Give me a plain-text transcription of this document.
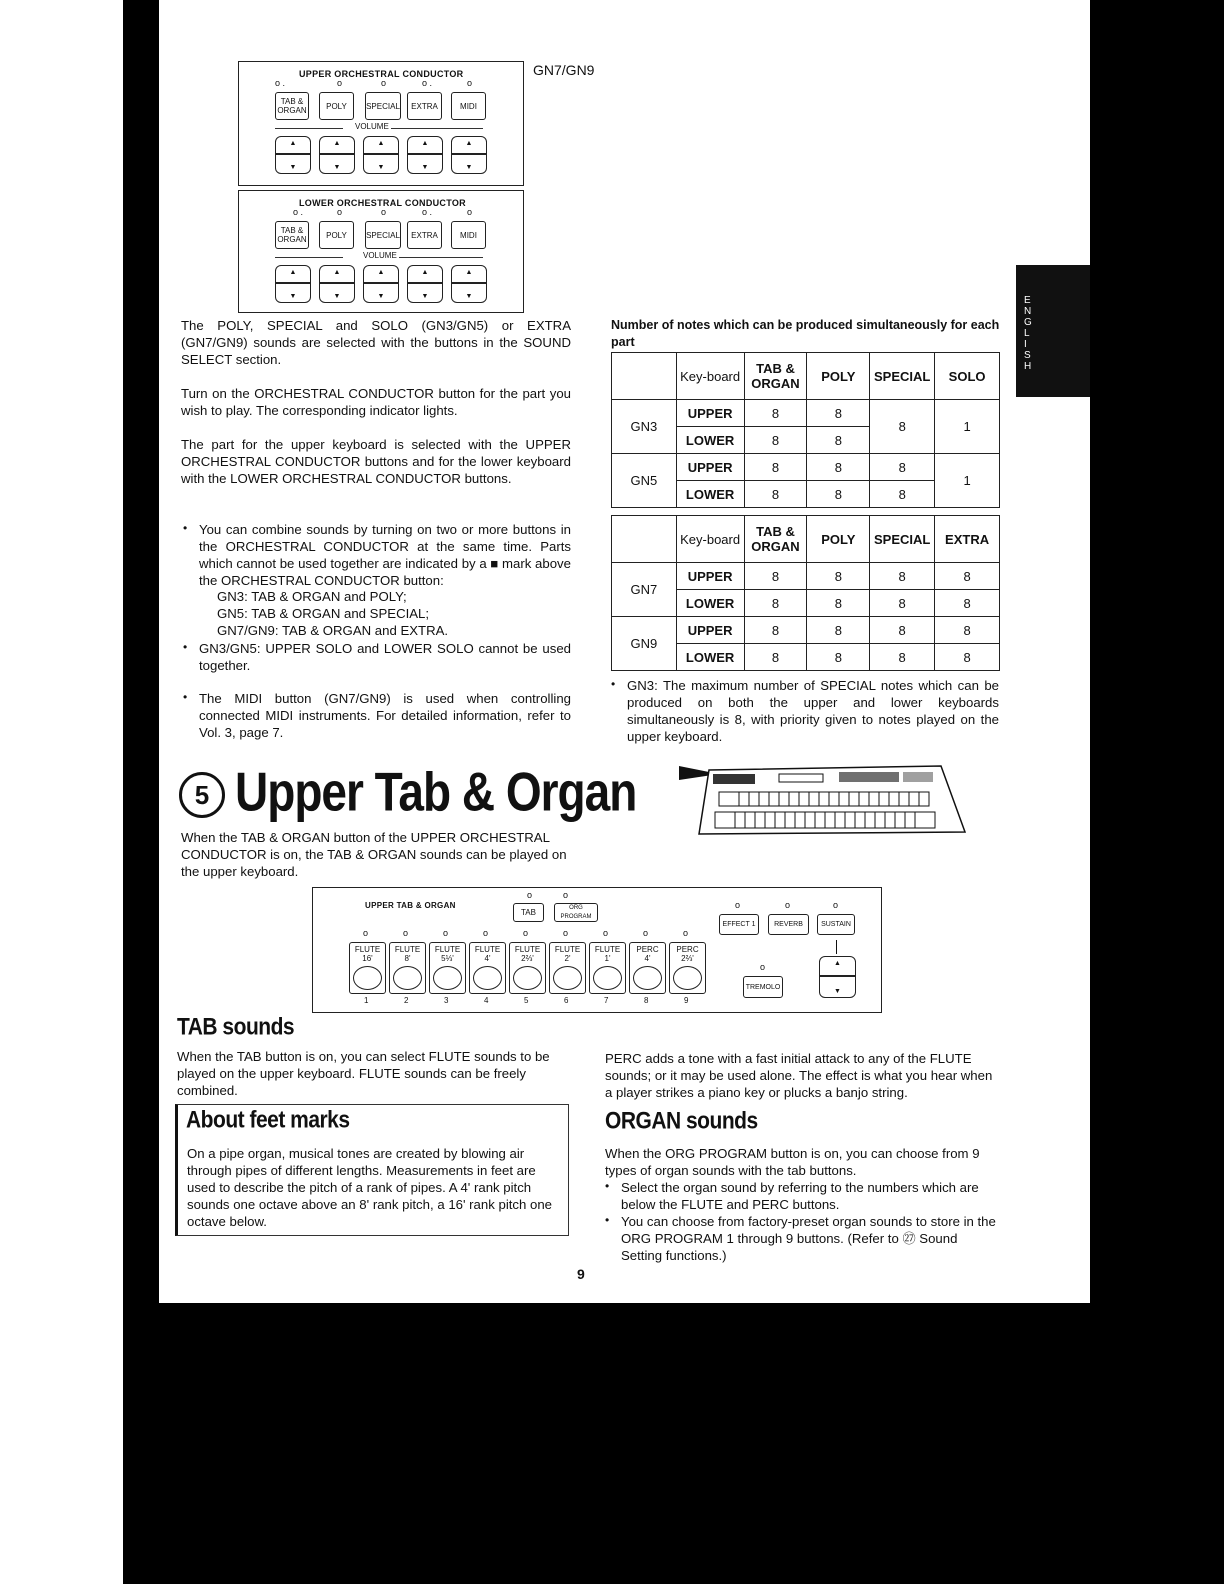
GN7/GN9
UPPER ORCHESTRAL CONDUCTOR
o .	o	o	o .	o
TAB & ORGAN	POLY	SPECIAL	EXTRA	MIDI
VOLUME
▲
▼
▲
▼
▲
▼
▲
▼
▲
▼
LOWER ORCHESTRAL CONDUCTOR
o .	o	o	o .	o
TAB & ORGAN	POLY	SPECIAL	EXTRA	MIDI
VOLUME
▲
▼
▲
▼
▲
▼
▲
▼
▲
▼
The POLY, SPECIAL and SOLO (GN3/GN5) or EXTRA (GN7/GN9) sounds are selected with the buttons in the SOUND SELECT section.
Turn on the ORCHESTRAL CONDUCTOR button for the part you wish to play. The corresponding indicator lights.
The part for the upper keyboard is selected with the UPPER ORCHESTRAL CONDUCTOR buttons and for the lower keyboard with the LOWER ORCHESTRAL CONDUCTOR buttons.
• You can combine sounds by turning on two or more buttons in the ORCHESTRAL CONDUCTOR at the same time. Parts which cannot be used together are indicated by a ■ mark above the ORCHESTRAL CONDUCTOR button:
GN3: TAB & ORGAN and POLY;
GN5: TAB & ORGAN and SPECIAL;
GN7/GN9: TAB & ORGAN and EXTRA.
• GN3/GN5: UPPER SOLO and LOWER SOLO cannot be used together.
• The MIDI button (GN7/GN9) is used when controlling connected MIDI instruments. For detailed information, refer to Vol. 3, page 7.
Number of notes which can be produced simultaneously for each part
	Key-board	TAB & ORGAN	POLY	SPECIAL	SOLO
GN3	UPPER	8	8	8	1
	LOWER	8	8		
GN5	UPPER	8	8	8	1
	LOWER	8	8	8	
	Key-board	TAB & ORGAN	POLY	SPECIAL	EXTRA
GN7	UPPER	8	8	8	8
	LOWER	8	8	8	8
GN9	UPPER	8	8	8	8
	LOWER	8	8	8	8
• GN3: The maximum number of SPECIAL notes which can be produced on both the upper and lower keyboards simultaneously is 8, with priority given to notes played on the upper keyboard.
5 Upper Tab & Organ
When the TAB & ORGAN button of the UPPER ORCHESTRAL CONDUCTOR is on, the TAB & ORGAN sounds can be played on the upper keyboard.
UPPER TAB & ORGAN
o	o
TAB
ORG PROGRAM
o	o	o
EFFECT 1	REVERB	SUSTAIN
o
TREMOLO
▲
▼
o
FLUTE
16'
1
o
FLUTE
8'
2
o
FLUTE
5⅓'
3
o
FLUTE
4'
4
o
FLUTE
2⅔'
5
o
FLUTE
2'
6
o
FLUTE
1'
7
o
PERC
4'
8
o
PERC
2⅔'
9
TAB sounds
When the TAB button is on, you can select FLUTE sounds to be played on the upper keyboard. FLUTE sounds can be freely combined.
PERC adds a tone with a fast initial attack to any of the FLUTE sounds; or it may be used alone. The effect is what you hear when a player strikes a piano key or plucks a banjo string.
About feet marks
On a pipe organ, musical tones are created by blowing air through pipes of different lengths. Measurements in feet are used to describe the pitch of a rank of pipes. A 4' rank pitch sounds one octave above an 8' rank pitch, a 16' rank pitch one octave below.
ORGAN sounds
When the ORG PROGRAM button is on, you can choose from 9 types of organ sounds with the tab buttons.
• Select the organ sound by referring to the numbers which are below the FLUTE and PERC buttons.
• You can choose from factory-preset organ sounds to store in the ORG PROGRAM 1 through 9 buttons. (Refer to ㉗ Sound Setting functions.)
9
E
N
G
L
I
S
H
